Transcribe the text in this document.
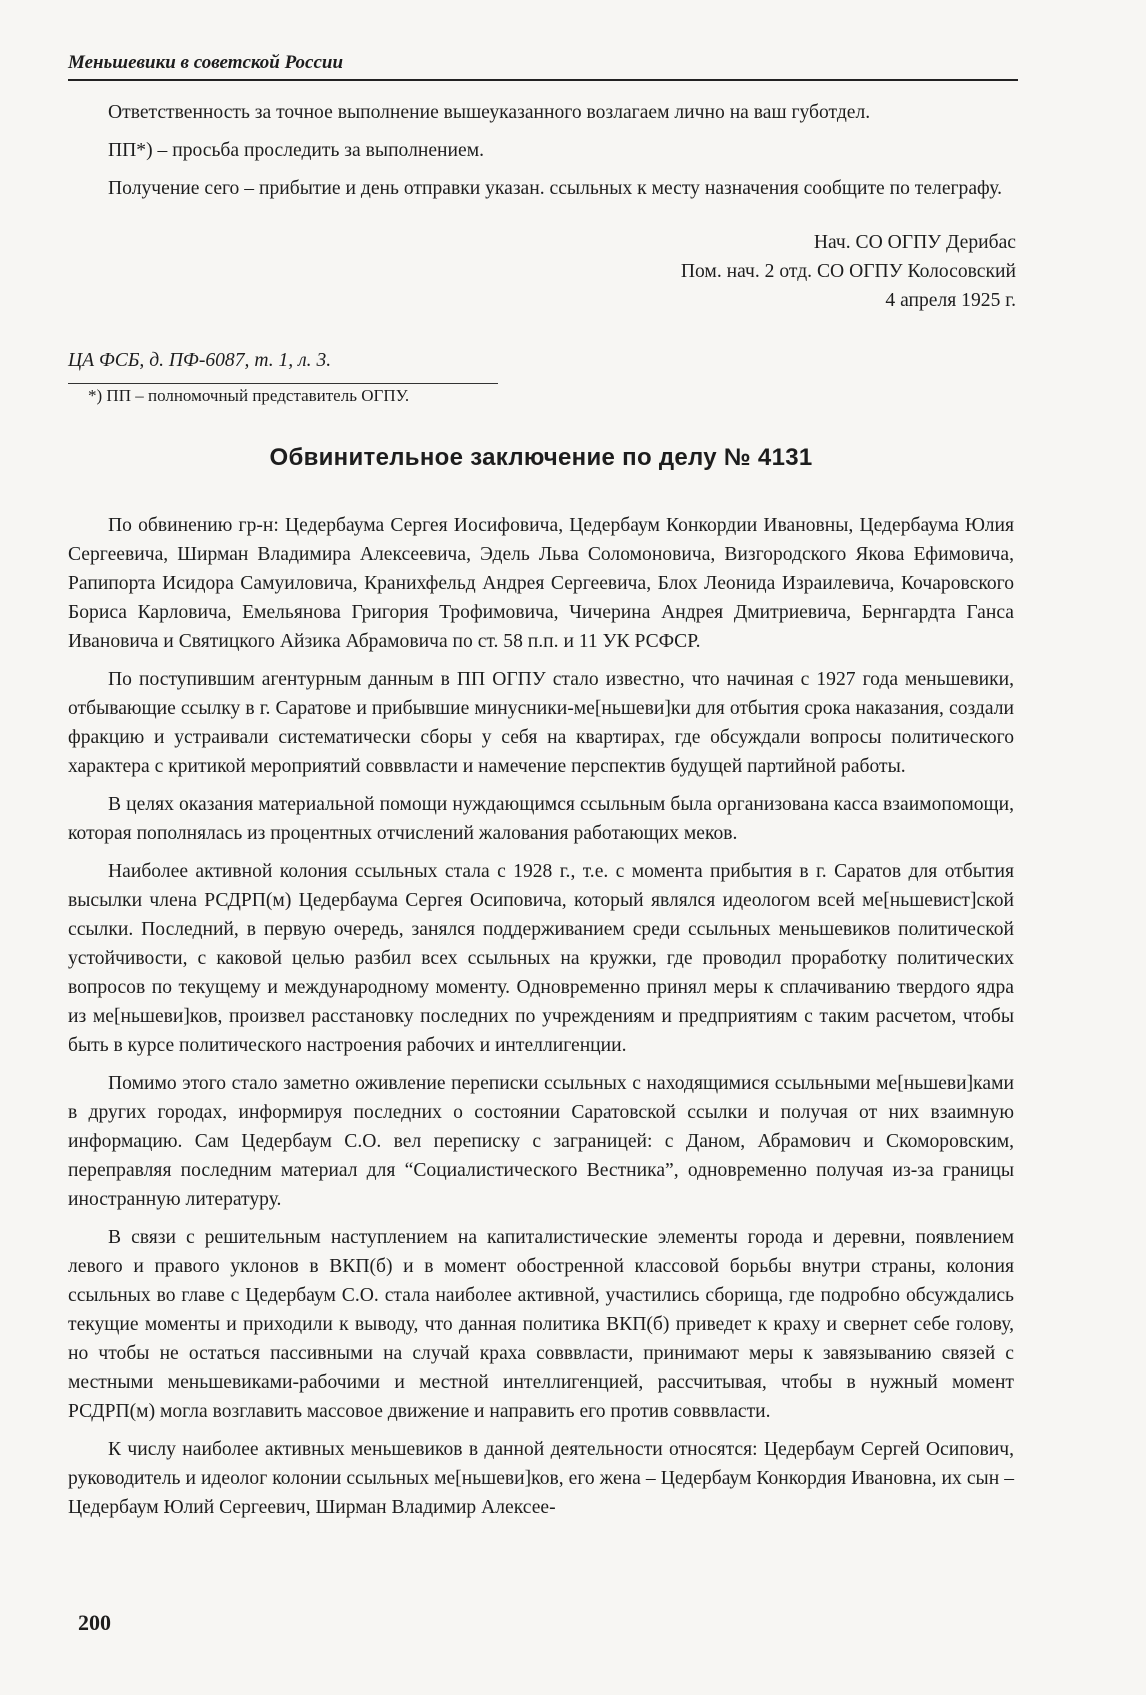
Меньшевики в советской России

Ответственность за точное выполнение вышеуказанного возлагаем лично на ваш губотдел.

ПП*) – просьба проследить за выполнением.

Получение сего – прибытие и день отправки указан. ссыльных к месту назначения сообщите по телеграфу.

Нач. СО ОГПУ Дерибас
Пом. нач. 2 отд. СО ОГПУ Колосовский
4 апреля 1925 г.
ЦА ФСБ, д. ПФ-6087, т. 1, л. 3.
*) ПП – полномочный представитель ОГПУ.
Обвинительное заключение по делу № 4131

По обвинению гр-н: Цедербаума Сергея Иосифовича, Цедербаум Конкордии Ивановны, Цедербаума Юлия Сергеевича, Ширман Владимира Алексеевича, Эдель Льва Соломоновича, Визгородского Якова Ефимовича, Рапипорта Исидора Самуиловича, Кранихфельд Андрея Сергеевича, Блох Леонида Израилевича, Кочаровского Бориса Карловича, Емельянова Григория Трофимовича, Чичерина Андрея Дмитриевича, Бернгардта Ганса Ивановича и Святицкого Айзика Абрамовича по ст. 58 п.п. и 11 УК РСФСР.

По поступившим агентурным данным в ПП ОГПУ стало известно, что начиная с 1927 года меньшевики, отбывающие ссылку в г. Саратове и прибывшие минусники-ме[ньшеви]ки для отбытия срока наказания, создали фракцию и устраивали систематически сборы у себя на квартирах, где обсуждали вопросы политического характера с критикой мероприятий совввласти и намечение перспектив будущей партийной работы.

В целях оказания материальной помощи нуждающимся ссыльным была организована касса взаимопомощи, которая пополнялась из процентных отчислений жалования работающих меков.

Наиболее активной колония ссыльных стала с 1928 г., т.е. с момента прибытия в г. Саратов для отбытия высылки члена РСДРП(м) Цедербаума Сергея Осиповича, который являлся идеологом всей ме[ньшевист]ской ссылки. Последний, в первую очередь, занялся поддерживанием среди ссыльных меньшевиков политической устойчивости, с каковой целью разбил всех ссыльных на кружки, где проводил проработку политических вопросов по текущему и международному моменту. Одновременно принял меры к сплачиванию твердого ядра из ме[ньшеви]ков, произвел расстановку последних по учреждениям и предприятиям с таким расчетом, чтобы быть в курсе политического настроения рабочих и интеллигенции.

Помимо этого стало заметно оживление переписки ссыльных с находящимися ссыльными ме[ньшеви]ками в других городах, информируя последних о состоянии Саратовской ссылки и получая от них взаимную информацию. Сам Цедербаум С.О. вел переписку с заграницей: с Даном, Абрамович и Скоморовским, переправляя последним материал для “Социалистического Вестника”, одновременно получая из-за границы иностранную литературу.

В связи с решительным наступлением на капиталистические элементы города и деревни, появлением левого и правого уклонов в ВКП(б) и в момент обостренной классовой борьбы внутри страны, колония ссыльных во главе с Цедербаум С.О. стала наиболее активной, участились сборища, где подробно обсуждались текущие моменты и приходили к выводу, что данная политика ВКП(б) приведет к краху и свернет себе голову, но чтобы не остаться пассивными на случай краха совввласти, принимают меры к завязыванию связей с местными меньшевиками-рабочими и местной интеллигенцией, рассчитывая, чтобы в нужный момент РСДРП(м) могла возглавить массовое движение и направить его против совввласти.

К числу наиболее активных меньшевиков в данной деятельности относятся: Цедербаум Сергей Осипович, руководитель и идеолог колонии ссыльных ме[ньшеви]ков, его жена – Цедербаум Конкордия Ивановна, их сын – Цедербаум Юлий Сергеевич, Ширман Владимир Алексее-

200
